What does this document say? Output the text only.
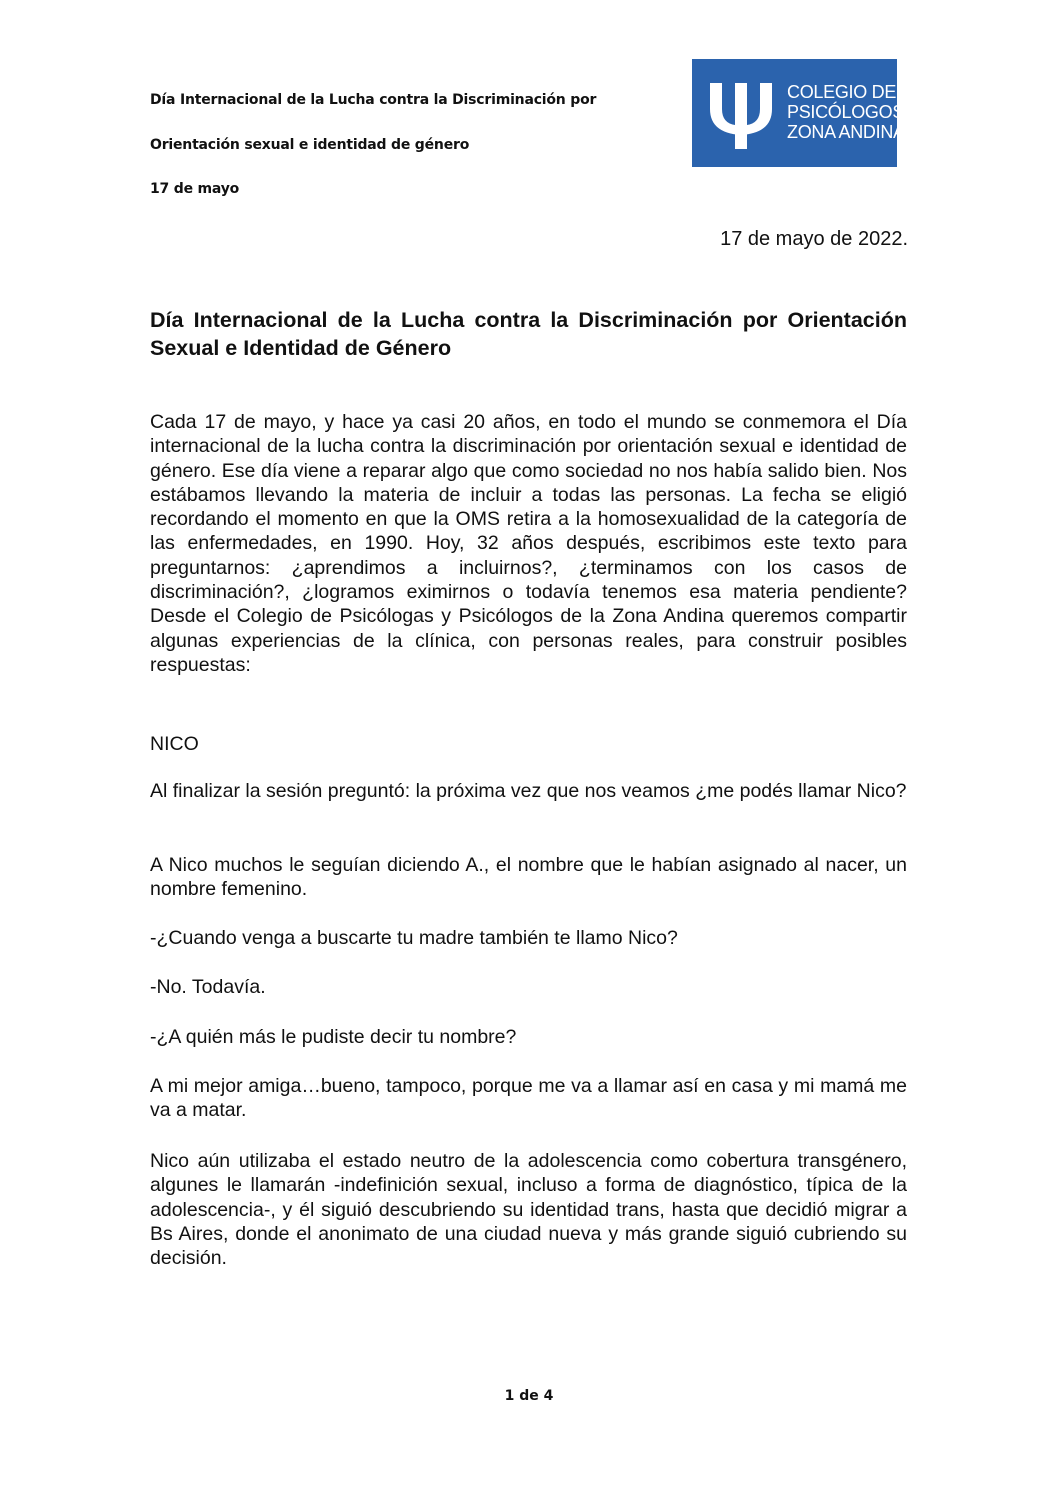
Día Internacional de la Lucha contra la Discriminación por
Orientación sexual e identidad de género
17 de mayo
COLEGIO DE
PSICÓLOGOS
ZONA ANDINA
17 de mayo de 2022.
Día Internacional de la Lucha contra la Discriminación por Orientación Sexual e Identidad de Género

Cada 17 de mayo, y hace ya casi 20 años, en todo el mundo se conmemora el Día internacional de la lucha contra la discriminación por orientación sexual e identidad de género. Ese día viene a reparar algo que como sociedad no nos había salido bien. Nos estábamos llevando la materia de incluir a todas las personas. La fecha se eligió recordando el momento en que la OMS retira a la homosexualidad de la categoría de las enfermedades, en 1990. Hoy, 32 años después, escribimos este texto para preguntarnos: ¿aprendimos a incluirnos?, ¿terminamos con los casos de discriminación?, ¿logramos eximirnos o todavía tenemos esa materia pendiente? Desde el Colegio de Psicólogas y Psicólogos de la Zona Andina queremos compartir algunas experiencias de la clínica, con personas reales, para construir posibles respuestas:

NICO

Al finalizar la sesión preguntó: la próxima vez que nos veamos ¿me podés llamar Nico?

A Nico muchos le seguían diciendo A., el nombre que le habían asignado al nacer, un nombre femenino.

-¿Cuando venga a buscarte tu madre también te llamo Nico?

-No. Todavía.

-¿A quién más le pudiste decir tu nombre?

A mi mejor amiga…bueno, tampoco, porque me va a llamar así en casa y mi mamá me va a matar.

Nico aún utilizaba el estado neutro de la adolescencia como cobertura transgénero, algunes le llamarán -indefinición sexual, incluso a forma de diagnóstico, típica de la adolescencia-, y él siguió descubriendo su identidad trans, hasta que decidió migrar a Bs Aires, donde el anonimato de una ciudad nueva y más grande siguió cubriendo su decisión.

1 de 4
